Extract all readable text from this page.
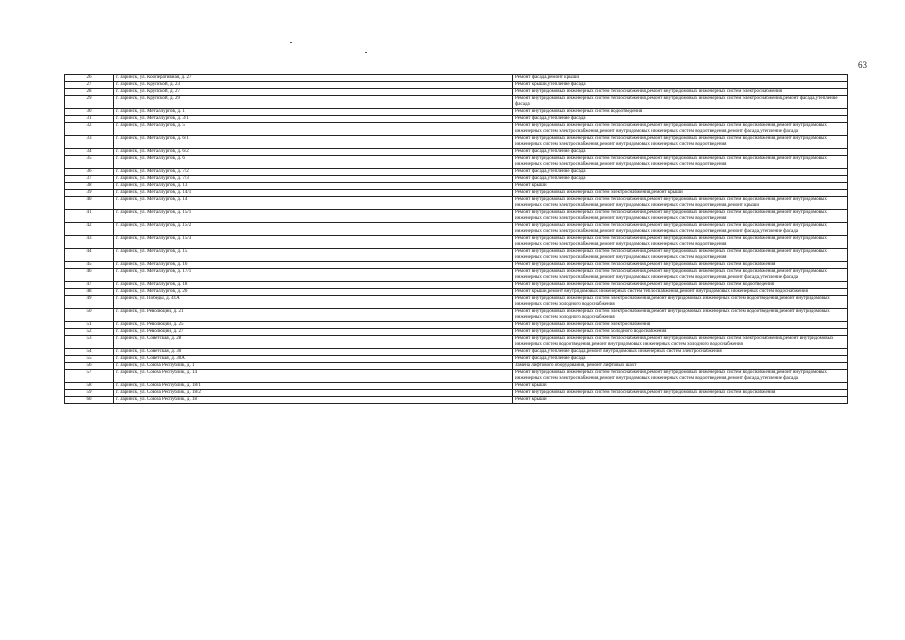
63
26	г. Заринск, ул. Кооперативная, д. 27	Ремонт фасада,ремонт крыши
27	г. Заринск, ул. Крупской, д. 23	Ремонт крыши,утепление фасада
28	г. Заринск, ул. Крупской, д. 27	Ремонт внутридомовых инженерных систем теплоснабжения,ремонт внутридомовых инженерных систем электроснабжения
29	г. Заринск, ул. Крупской, д. 29	Ремонт внутридомовых инженерных систем теплоснабжения,ремонт внутридомовых инженерных систем электроснабжения,ремонт фасада,утепление фасада
30	г. Заринск, ул. Металлургов, д. 1	Ремонт внутридомовых инженерных систем водоотведения
31	г. Заринск, ул. Металлургов, д. 3/1	Ремонт фасада,утепление фасада
32	г. Заринск, ул. Металлургов, д. 5	Ремонт внутридомовых инженерных систем теплоснабжения,ремонт внутридомовых инженерных систем водоснабжения,ремонт внутридомовых инженерных систем электроснабжения,ремонт внутридомовых инженерных систем водоотведения,ремонт фасада,утепление фасада
33	г. Заринск, ул. Металлургов, д. 6/1	Ремонт внутридомовых инженерных систем теплоснабжения,ремонт внутридомовых инженерных систем водоснабжения,ремонт внутридомовых инженерных систем электроснабжения,ремонт внутридомовых инженерных систем водоотведения
34	г. Заринск, ул. Металлургов, д. 6/2	Ремонт фасада,утепление фасада
35	г. Заринск, ул. Металлургов, д. 6	Ремонт внутридомовых инженерных систем теплоснабжения,ремонт внутридомовых инженерных систем водоснабжения,ремонт внутридомовых инженерных систем электроснабжения,ремонт внутридомовых инженерных систем водоотведения
36	г. Заринск, ул. Металлургов, д. 7/2	Ремонт фасада,утепление фасада
37	г. Заринск, ул. Металлургов, д. 7/3	Ремонт фасада,утепление фасада
38	г. Заринск, ул. Металлургов, д. 13	Ремонт крыши
39	г. Заринск, ул. Металлургов, д. 14/1	Ремонт внутридомовых инженерных систем электроснабжения,ремонт крыши
40	г. Заринск, ул. Металлургов, д. 14	Ремонт внутридомовых инженерных систем теплоснабжения,ремонт внутридомовых инженерных систем водоснабжения,ремонт внутридомовых инженерных систем электроснабжения,ремонт внутридомовых инженерных систем водоотведения,ремонт крыши
41	г. Заринск, ул. Металлургов, д. 15/1	Ремонт внутридомовых инженерных систем теплоснабжения,ремонт внутридомовых инженерных систем водоснабжения,ремонт внутридомовых инженерных систем электроснабжения,ремонт внутридомовых инженерных систем водоотведения
42	г. Заринск, ул. Металлургов, д. 15/2	Ремонт внутридомовых инженерных систем теплоснабжения,ремонт внутридомовых инженерных систем водоснабжения,ремонт внутридомовых инженерных систем электроснабжения,ремонт внутридомовых инженерных систем водоотведения,ремонт фасада,утепление фасада
43	г. Заринск, ул. Металлургов, д. 15/3	Ремонт внутридомовых инженерных систем теплоснабжения,ремонт внутридомовых инженерных систем водоснабжения,ремонт внутридомовых инженерных систем электроснабжения,ремонт внутридомовых инженерных систем водоотведения
44	г. Заринск, ул. Металлургов, д. 15	Ремонт внутридомовых инженерных систем теплоснабжения,ремонт внутридомовых инженерных систем водоснабжения,ремонт внутридомовых инженерных систем электроснабжения,ремонт внутридомовых инженерных систем водоотведения
45	г. Заринск, ул. Металлургов, д. 16	Ремонт внутридомовых инженерных систем теплоснабжения,ремонт внутридомовых инженерных систем водоснабжения
46	г. Заринск, ул. Металлургов, д. 17/1	Ремонт внутридомовых инженерных систем теплоснабжения,ремонт внутридомовых инженерных систем водоснабжения,ремонт внутридомовых инженерных систем электроснабжения,ремонт внутридомовых инженерных систем водоотведения,ремонт фасада,утепление фасада
47	г. Заринск, ул. Металлургов, д. 18	Ремонт внутридомовых инженерных систем теплоснабжения,ремонт внутридомовых инженерных систем водоотведения
48	г. Заринск, ул. Металлургов, д. 20	Ремонт крыши,ремонт внутридомовых инженерных систем теплоснабжения,ремонт внутридомовых инженерных систем водоснабжения
49	г. Заринск, ул. Победы, д. 41А	Ремонт внутридомовых инженерных систем электроснабжения,ремонт внутридомовых инженерных систем водоотведения,ремонт внутридомовых инженерных систем холодного водоснабжения
50	г. Заринск, ул. Революции, д. 21	Ремонт внутридомовых инженерных систем электроснабжения,ремонт внутридомовых инженерных систем водоотведения,ремонт внутридомовых инженерных систем холодного водоснабжения
51	г. Заринск, ул. Революции, д. 25	Ремонт внутридомовых инженерных систем электроснабжения
52	г. Заринск, ул. Революции, д. 27	Ремонт внутридомовых инженерных систем холодного водоснабжения
53	г. Заринск, ул. Советская, д. 28	Ремонт внутридомовых инженерных систем теплоснабжения,ремонт внутридомовых инженерных систем электроснабжения,ремонт внутридомовых инженерных систем водоотведения,ремонт внутридомовых инженерных систем холодного водоснабжения
54	г. Заринск, ул. Советская, д. 30	Ремонт фасада,утепление фасада,ремонт внутридомовых инженерных систем электроснабжения
55	г. Заринск, ул. Советская, д. 30А	Ремонт фасада,утепление фасада
56	г. Заринск, ул. Союза Республик, д. 1	Замена лифтового оборудования, ремонт лифтовых шахт
57	г. Заринск, ул. Союза Республик, д. 14	Ремонт внутридомовых инженерных систем теплоснабжения,ремонт внутридомовых инженерных систем водоснабжения,ремонт внутридомовых инженерных систем электроснабжения,ремонт внутридомовых инженерных систем водоотведения,ремонт фасада,утепление фасада
58	г. Заринск, ул. Союза Республик, д. 18/1	Ремонт крыши
59	г. Заринск, ул. Союза Республик, д. 18/2	Ремонт внутридомовых инженерных систем теплоснабжения,ремонт внутридомовых инженерных систем водоснабжения
60	г. Заринск, ул. Союза Республик, д. 18	Ремонт крыши
